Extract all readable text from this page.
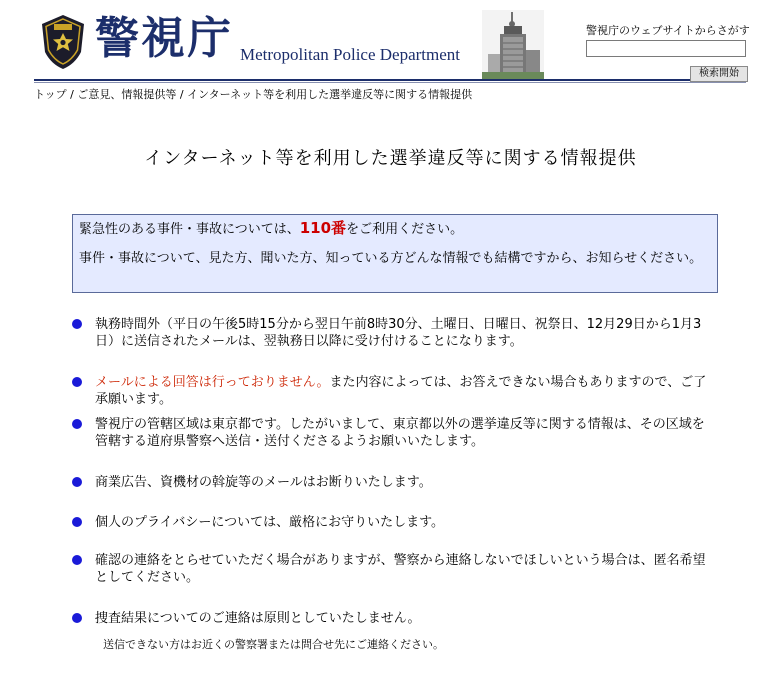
警視庁 Metropolitan Police Department
警視庁のウェブサイトからさがす
検索開始
トップ / ご意見、情報提供等 / インターネット等を利用した選挙違反等に関する情報提供
インターネット等を利用した選挙違反等に関する情報提供

緊急性のある事件・事故については、110番をご利用ください。

事件・事故について、見た方、聞いた方、知っている方どんな情報でも結構ですから、お知らせください。

執務時間外（平日の午後5時15分から翌日午前8時30分、土曜日、日曜日、祝祭日、12月29日から1月3日）に送信されたメールは、翌執務日以降に受け付けることになります。
メールによる回答は行っておりません。また内容によっては、お答えできない場合もありますので、ご了承願います。
警視庁の管轄区域は東京都です。したがいまして、東京都以外の選挙違反等に関する情報は、その区域を管轄する道府県警察へ送信・送付くださるようお願いいたします。
商業広告、資機材の斡旋等のメールはお断りいたします。
個人のプライバシーについては、厳格にお守りいたします。
確認の連絡をとらせていただく場合がありますが、警察から連絡しないでほしいという場合は、匿名希望としてください。
捜査結果についてのご連絡は原則としていたしません。
送信できない方はお近くの警察署または問合せ先にご連絡ください。
